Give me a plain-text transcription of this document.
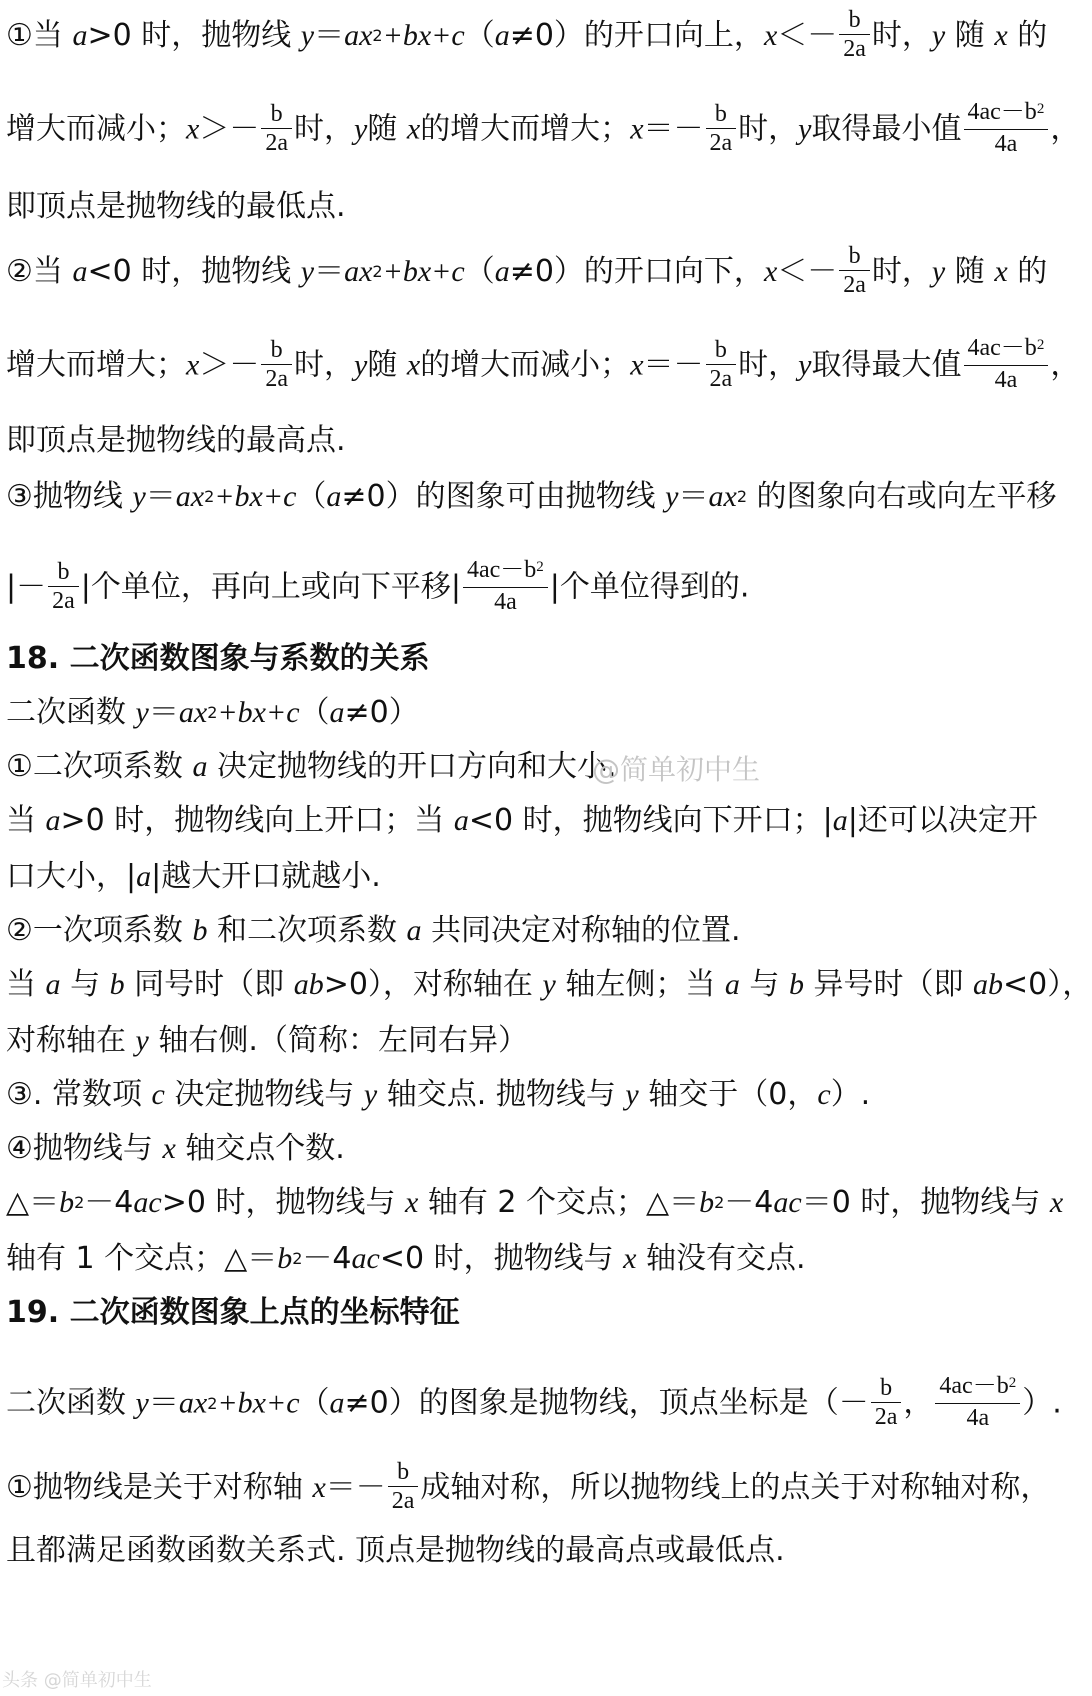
①当 a>0 时，抛物线 $y=ax^2+bx+c(a\ne 0)$的开口向上，$x<- \frac{b}{2a}$ 时，y 随 x 的
增大而减小；$x>- \frac{b}{2a}$ 时，y随 x的增大而增大；$x=- \frac{b}{2a}$ 时，y取得最小值 $\frac{4ac-b^2}{4a}$ ，
即顶点是抛物线的最低点.
②当 a<0 时，抛物线 $y=ax^2+bx+c(a\ne 0)$的开口向下，$x<- \frac{b}{2a}$ 时，y 随 x 的
增大而增大；$x>- \frac{b}{2a}$ 时，y随 x的增大而减小；$x=- \frac{b}{2a}$ 时，y取得最大值 $\frac{4ac-b^2}{4a}$ ，
即顶点是抛物线的最高点.
③抛物线 $y=ax^2+bx+c(a\ne 0)$的图象可由抛物线 $y=ax^2$ 的图象向右或向左平移
|－ $\frac{b}{2a}$ |个单位，再向上或向下平移| $\frac{4ac-b^2}{4a}$ |个单位得到的.
18. 二次函数图象与系数的关系
二次函数 $y=ax^2+bx+c(a\ne 0)$
①二次项系数 a 决定抛物线的开口方向和大小.
@简单初中生
当 a>0 时，抛物线向上开口；当 a<0 时，抛物线向下开口；|a|还可以决定开
口大小，|a|越大开口就越小.
②一次项系数 b 和二次项系数 a 共同决定对称轴的位置.
当 a 与 b 同号时（即 ab>0），对称轴在 y 轴左侧；当 a 与 b 异号时（即 ab<0），
对称轴在 y 轴右侧.（简称：左同右异）
③. 常数项 c 决定抛物线与 y 轴交点. 抛物线与 y 轴交于（0，c）.
④抛物线与 x 轴交点个数.
$\triangle=b^2-4ac>0$ 时，抛物线与 x 轴有 2 个交点；$\triangle=b^2-4ac=0$ 时，抛物线与 x
轴有 1 个交点；$\triangle=b^2-4ac<0$ 时，抛物线与 x 轴没有交点.
19. 二次函数图象上点的坐标特征
二次函数 $y=ax^2+bx+c(a\ne 0)$的图象是抛物线，顶点坐标是（－ $\frac{b}{2a}$ ， $\frac{4ac-b^2}{4a}$ ）.
①抛物线是关于对称轴 $x=- \frac{b}{2a}$ 成轴对称，所以抛物线上的点关于对称轴对称，
且都满足函数函数关系式. 顶点是抛物线的最高点或最低点.
头条 @简单初中生
